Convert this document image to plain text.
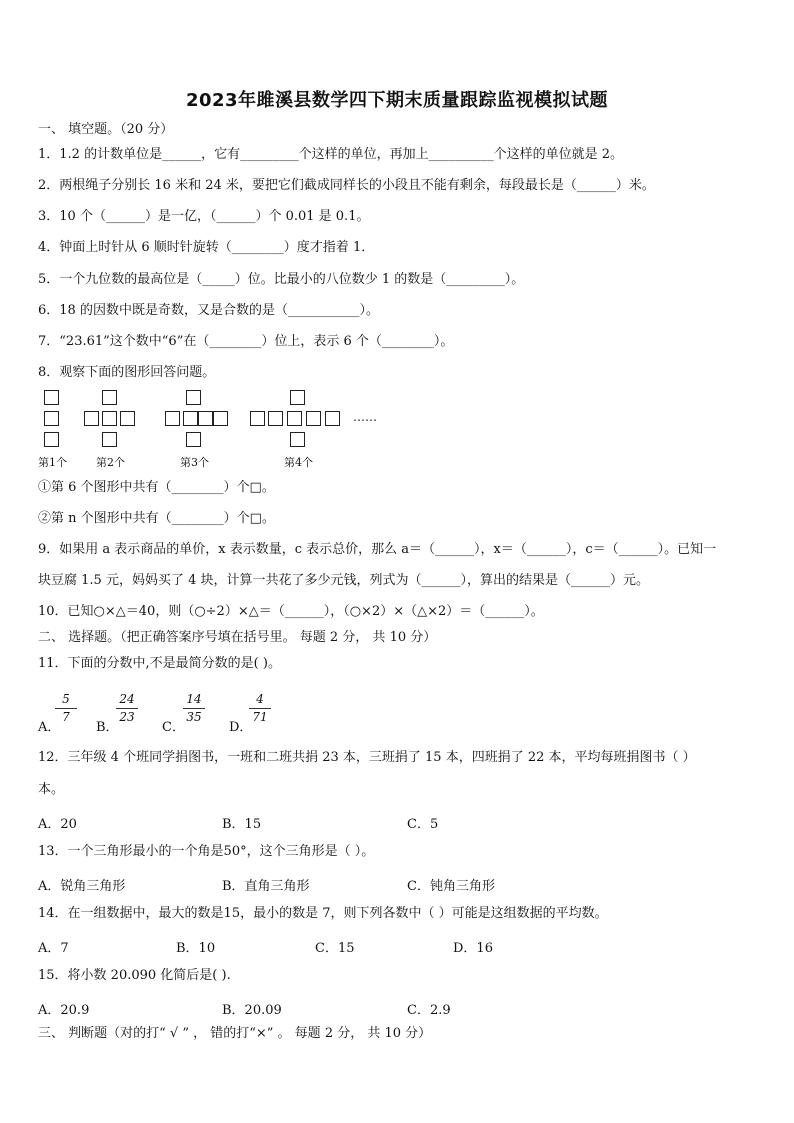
2023年雎溪县数学四下期末质量跟踪监视模拟试题
一、 填空题。（20 分）
1．1.2 的计数单位是______，它有_________个这样的单位，再加上__________个这样的单位就是 2。
2．两根绳子分别长 16 米和 24 米，要把它们截成同样长的小段且不能有剩余，每段最长是（______）米。
3．10 个（______）是一亿，（______）个 0.01 是 0.1。
4．钟面上时针从 6 顺时针旋转（________）度才指着 1．
5．一个九位数的最高位是（_____）位。比最小的八位数少 1 的数是（_________）。
6．18 的因数中既是奇数，又是合数的是（___________）。
7．“23.61”这个数中“6”在（________）位上，表示 6 个（________）。
8．观察下面的图形回答问题。
……
第1个	第2个	第3个	第4个
①第 6 个图形中共有（________）个□。
②第 n 个图形中共有（________）个□。
9．如果用 a 表示商品的单价，x 表示数量，c 表示总价，那么 a＝（______），x＝（______），c＝（______）。已知一
块豆腐 1.5 元，妈妈买了 4 块，计算一共花了多少元钱，列式为（______），算出的结果是（______）元。
10．已知○×△＝40，则（○÷2）×△＝（______），（○×2）×（△×2）＝（______）。
二、 选择题。（把正确答案序号填在括号里。 每题 2 分， 共 10 分）
11．下面的分数中,不是最简分数的是( )。
A．
$\frac{5}{7}$
B．
$\frac{24}{23}$
C．
$\frac{14}{35}$
D．
$\frac{4}{71}$
12．三年级 4 个班同学捐图书，一班和二班共捐 23 本，三班捐了 15 本，四班捐了 22 本，平均每班捐图书（ ）
本。
A．20	B．15	C．5
13．一个三角形最小的一个角是50°，这个三角形是（ ）。
A．锐角三角形	B．直角三角形	C．钝角三角形
14．在一组数据中，最大的数是15，最小的数是 7，则下列各数中（ ）可能是这组数据的平均数。
A．7	B．10	C．15	D．16
15．将小数 20.090 化简后是( ).
A．20.9	B．20.09	C．2.9
三、 判断题（对的打“ √ ” ， 错的打“×” 。 每题 2 分， 共 10 分）
